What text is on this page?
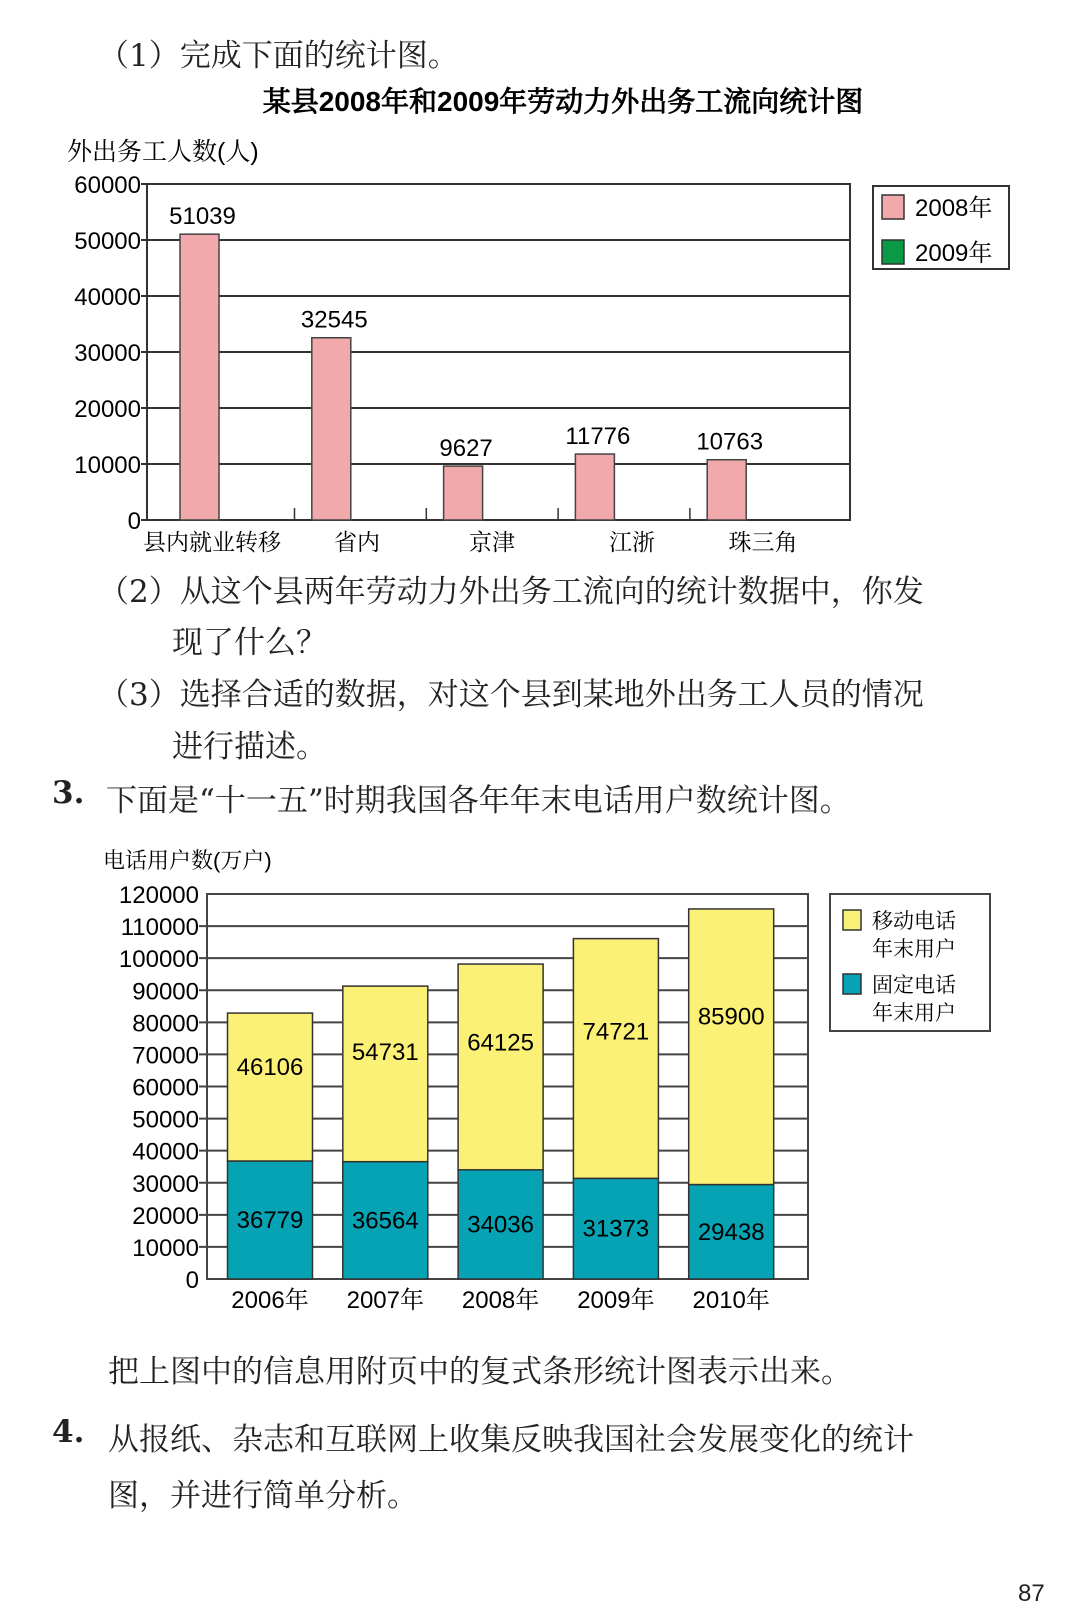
（1）完成下面的统计图。
某县2008年和2009年劳动力外出务工流向统计图
外出务工人数(人)
0
10000
20000
30000
40000
50000
60000
51039
县内就业转移
32545
省内
9627
京津
11776
江浙
10763
珠三角
2008年
2009年
（2）从这个县两年劳动力外出务工流向的统计数据中，你发
现了什么？
（3）选择合适的数据，对这个县到某地外出务工人员的情况
进行描述。
3. 下面是“十一五”时期我国各年年末电话用户数统计图。
电话用户数(万户)
0
10000
20000
30000
40000
50000
60000
70000
80000
90000
100000
110000
120000
36779
46106
2006年
36564
54731
2007年
34036
64125
2008年
31373
74721
2009年
29438
85900
2010年
移动电话
年末用户
固定电话
年末用户
把上图中的信息用附页中的复式条形统计图表示出来。
4. 从报纸、杂志和互联网上收集反映我国社会发展变化的统计
图，并进行简单分析。
87
